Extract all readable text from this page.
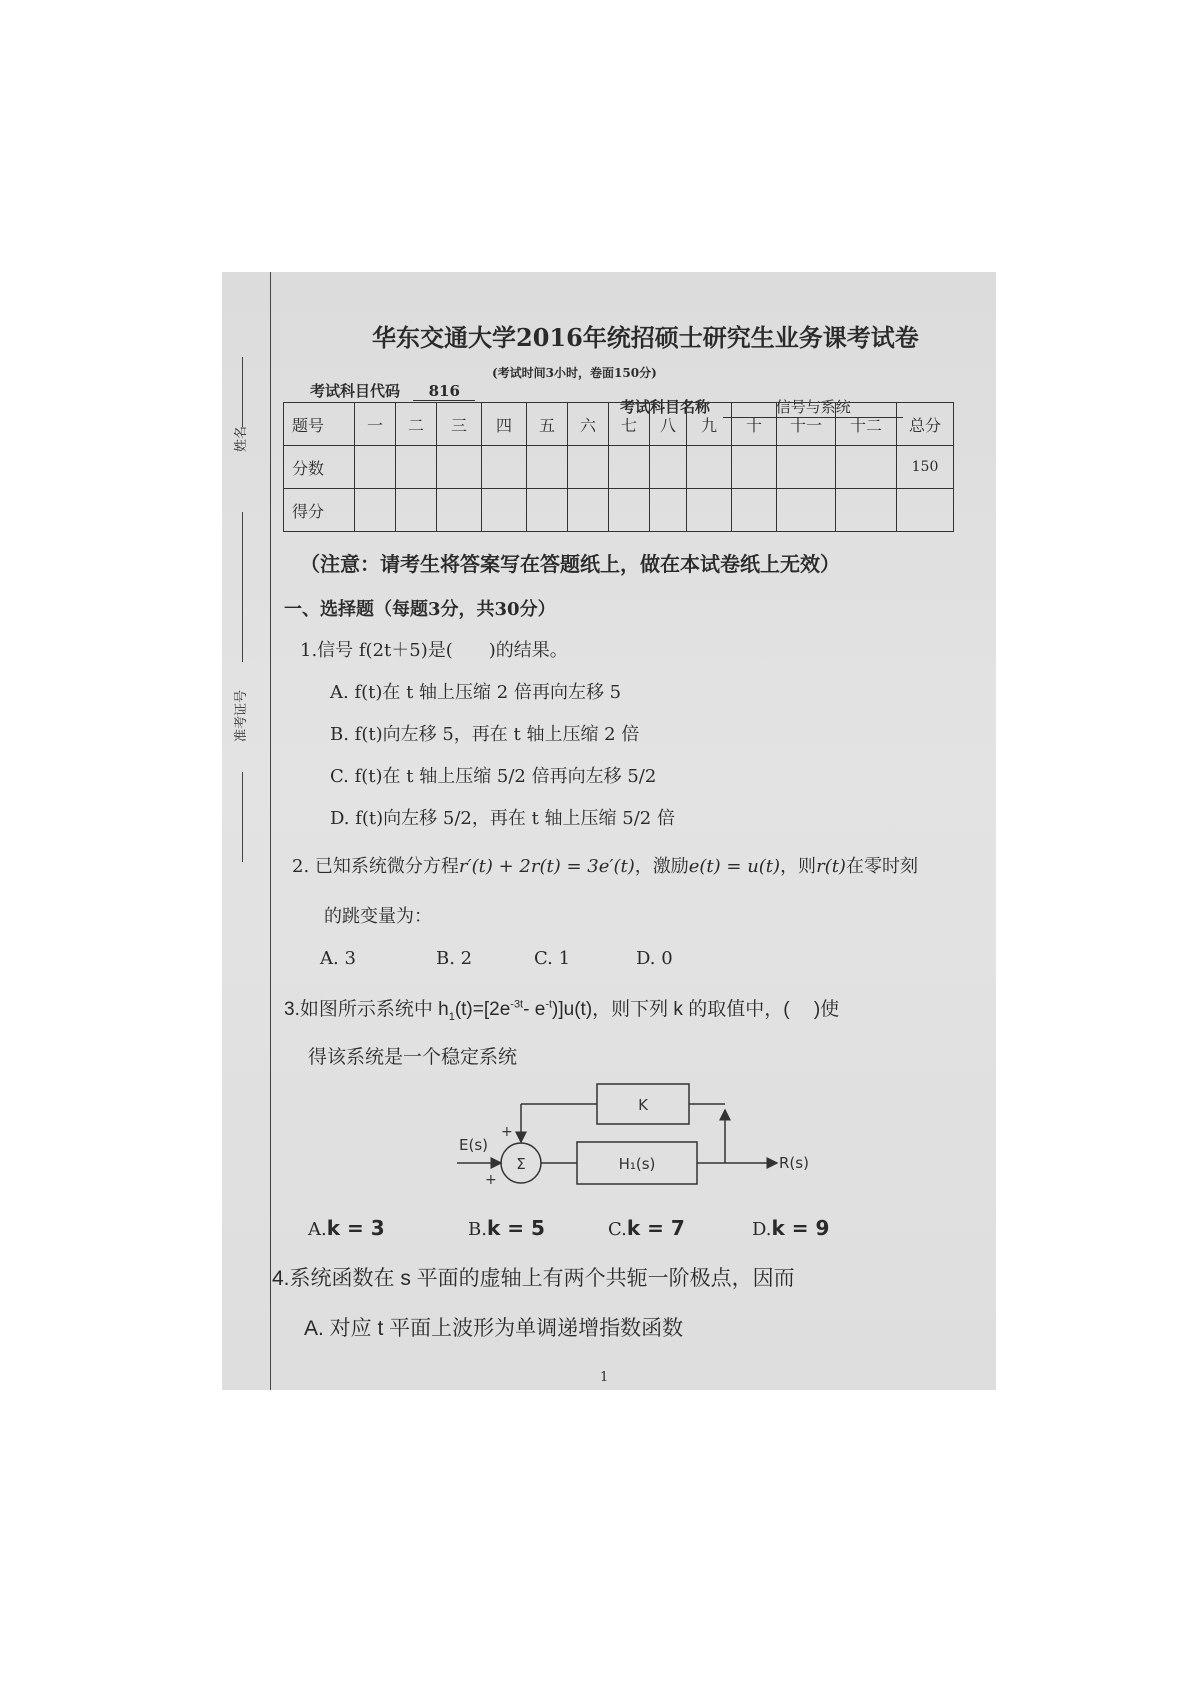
姓名
准考证号
华东交通大学2016年统招硕士研究生业务课考试卷
(考试时间3小时，卷面150分)
考试科目代码 816
考试科目名称	信号与系统
题号	一	二	三	四	五	六	七	八	九	十	十一	十二	总分
分数													150
得分													
（注意：请考生将答案写在答题纸上，做在本试卷纸上无效）
一、选择题（每题3分，共30分）
1.信号 f(2t＋5)是(　　)的结果。
A. f(t)在 t 轴上压缩 2 倍再向左移 5
B. f(t)向左移 5，再在 t 轴上压缩 2 倍
C. f(t)在 t 轴上压缩 5/2 倍再向左移 5/2
D. f(t)向左移 5/2，再在 t 轴上压缩 5/2 倍
2. 已知系统微分方程r′(t) + 2r(t) = 3e′(t)，激励e(t) = u(t)，则r(t)在零时刻
的跳变量为：
A. 3	B. 2	C. 1	D. 0
3.如图所示系统中 $h_1(t)=[2e^{-3t}-$ $e^{-t})]u(t)$，则下列 k 的取值中，(　 )使
得该系统是一个稳定系统
K
H₁(s)
Σ
E(s)
+
R(s)
+
A.k = 3	B.k = 5	C.k = 7	D.k = 9
4.系统函数在 s 平面的虚轴上有两个共轭一阶极点，因而
A. 对应 t 平面上波形为单调递增指数函数
1
